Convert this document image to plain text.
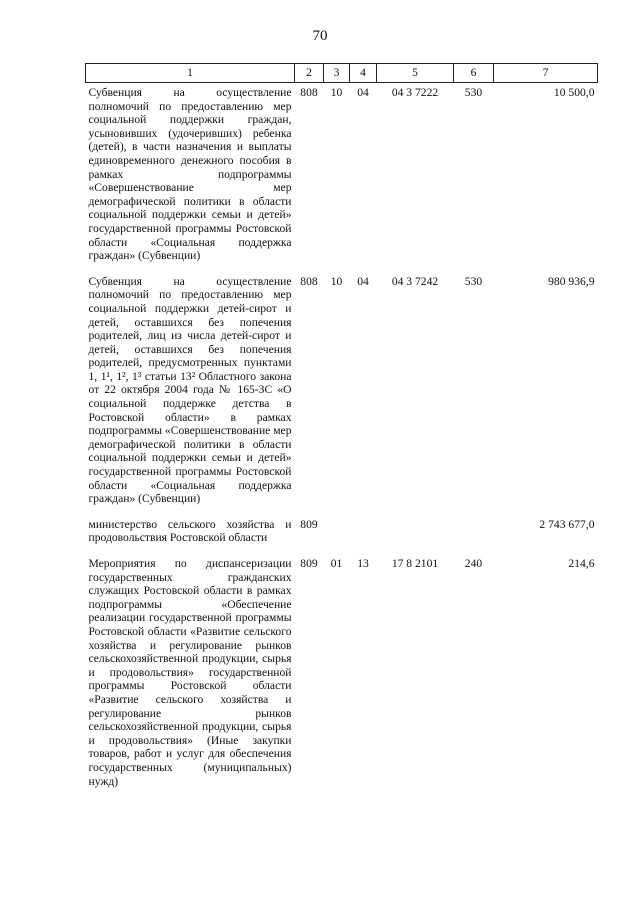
70
1	2	3	4	5	6	7
Субвенция на осуществление полномочий по предоставлению мер социальной поддержки граждан, усыновивших (удочеривших) ребенка (детей), в части назначения и выплаты единовременного денежного пособия в рамках подпрограммы «Совершенствование мер демографической политики в области социальной поддержки семьи и детей» государственной программы Ростовской области «Социальная поддержка граждан» (Субвенции)	808	10	04	04 3 7222	530	10 500,0
Субвенция на осуществление полномочий по предоставлению мер социальной поддержки детей-сирот и детей, оставшихся без попечения родителей, лиц из числа детей-сирот и детей, оставшихся без попечения родителей, предусмотренных пунктами 1, 1¹, 1², 1³ статьи 13² Областного закона от 22 октября 2004 года № 165-ЗС «О социальной поддержке детства в Ростовской области» в рамках подпрограммы «Совершенствование мер демографической политики в области социальной поддержки семьи и детей» государственной программы Ростовской области «Социальная поддержка граждан» (Субвенции)	808	10	04	04 3 7242	530	980 936,9
министерство сельского хозяйства и продовольствия Ростовской области	809					2 743 677,0
Мероприятия по диспансеризации государственных гражданских служащих Ростовской области в рамках подпрограммы «Обеспечение реализации государственной программы Ростовской области «Развитие сельского хозяйства и регулирование рынков сельскохозяйственной продукции, сырья и продовольствия» государственной программы Ростовской области «Развитие сельского хозяйства и регулирование рынков сельскохозяйственной продукции, сырья и продовольствия» (Иные закупки товаров, работ и услуг для обеспечения государственных (муниципальных) нужд)	809	01	13	17 8 2101	240	214,6
